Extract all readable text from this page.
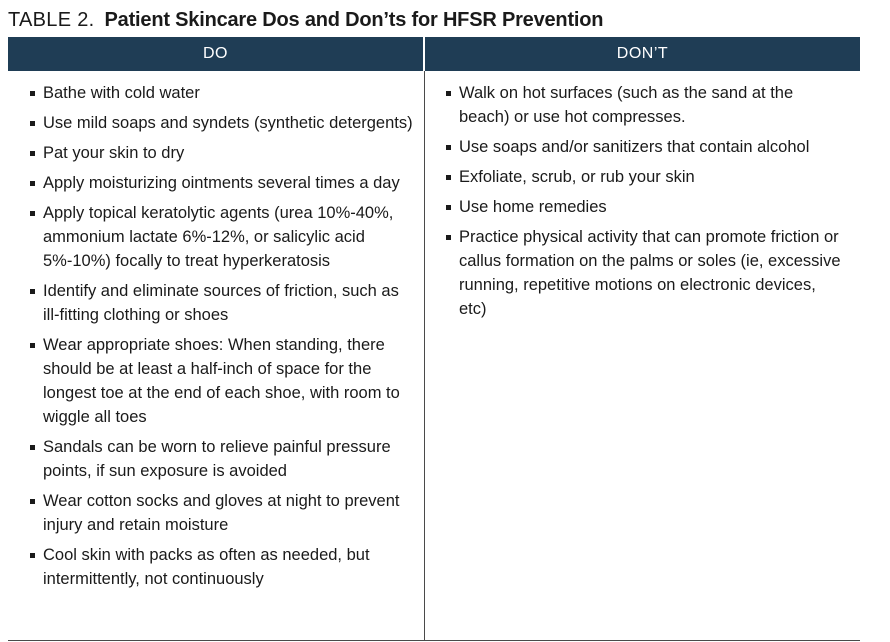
TABLE 2. Patient Skincare Dos and Don’ts for HFSR Prevention
DO	DON’T
Bathe with cold water
Use mild soaps and syndets (synthetic detergents)
Pat your skin to dry
Apply moisturizing ointments several times a day
Apply topical keratolytic agents (urea 10%-40%, ammonium lactate 6%-12%, or salicylic acid 5%-10%) focally to treat hyperkeratosis
Identify and eliminate sources of friction, such as ill-fitting clothing or shoes
Wear appropriate shoes: When standing, there should be at least a half-inch of space for the longest toe at the end of each shoe, with room to wiggle all toes
Sandals can be worn to relieve painful pressure points, if sun exposure is avoided
Wear cotton socks and gloves at night to prevent injury and retain moisture
Cool skin with packs as often as needed, but intermittently, not continuously
Walk on hot surfaces (such as the sand at the beach) or use hot compresses.
Use soaps and/or sanitizers that contain alcohol
Exfoliate, scrub, or rub your skin
Use home remedies
Practice physical activity that can promote friction or callus formation on the palms or soles (ie, excessive running, repetitive motions on electronic devices, etc)
